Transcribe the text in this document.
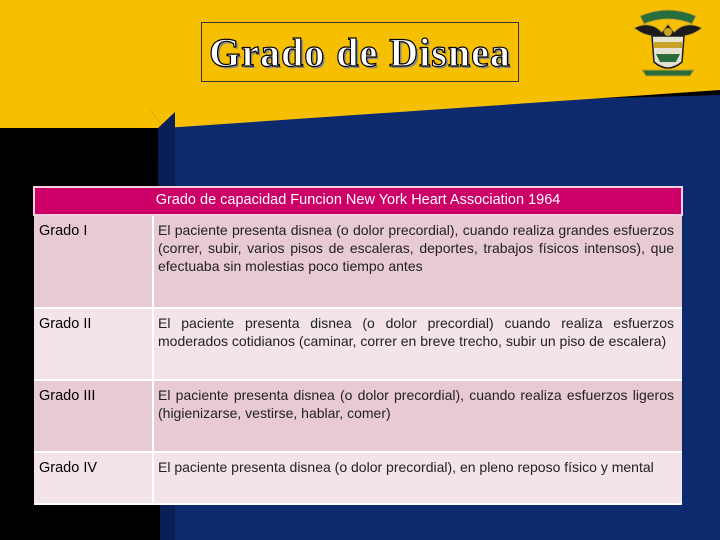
Grado de Disnea
Grado de capacidad Funcion New York Heart Association 1964	
Grado I	El paciente presenta disnea (o dolor precordial), cuando realiza grandes esfuerzos (correr, subir, varios pisos de escaleras, deportes, trabajos físicos intensos), que efectuaba sin molestias poco tiempo antes
Grado II	El paciente presenta disnea (o dolor precordial) cuando realiza esfuerzos moderados cotidianos (caminar, correr en breve trecho, subir un piso de escalera)
Grado III	El paciente presenta disnea (o dolor precordial), cuando realiza esfuerzos ligeros (higienizarse, vestirse, hablar, comer)
Grado IV	El paciente presenta disnea (o dolor precordial), en pleno reposo físico y mental
